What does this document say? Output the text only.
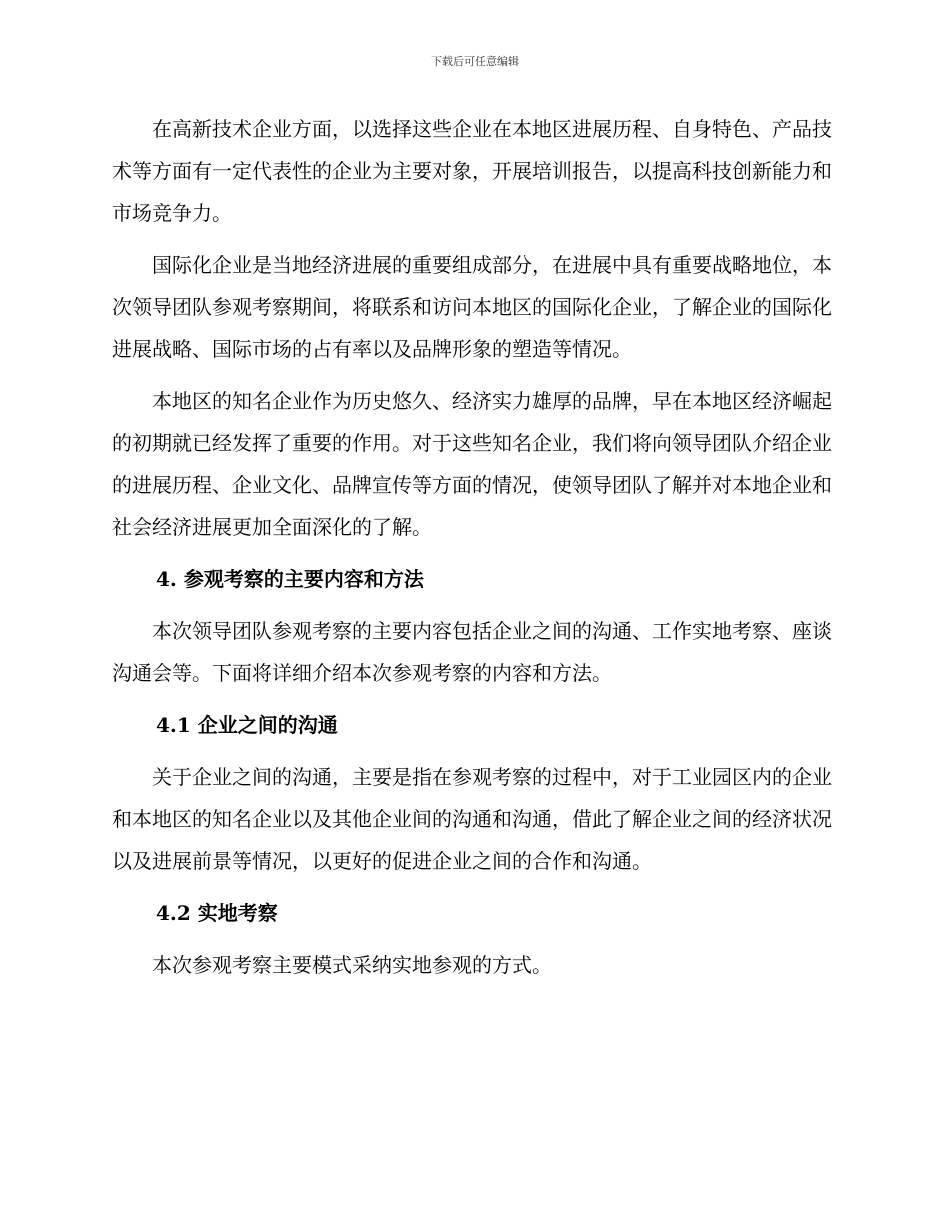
下载后可任意编辑

在高新技术企业方面，以选择这些企业在本地区进展历程、自身特色、产品技术等方面有一定代表性的企业为主要对象，开展培训报告，以提高科技创新能力和市场竞争力。

国际化企业是当地经济进展的重要组成部分，在进展中具有重要战略地位，本次领导团队参观考察期间，将联系和访问本地区的国际化企业，了解企业的国际化进展战略、国际市场的占有率以及品牌形象的塑造等情况。

本地区的知名企业作为历史悠久、经济实力雄厚的品牌，早在本地区经济崛起的初期就已经发挥了重要的作用。对于这些知名企业，我们将向领导团队介绍企业的进展历程、企业文化、品牌宣传等方面的情况，使领导团队了解并对本地企业和社会经济进展更加全面深化的了解。

4. 参观考察的主要内容和方法

本次领导团队参观考察的主要内容包括企业之间的沟通、工作实地考察、座谈沟通会等。下面将详细介绍本次参观考察的内容和方法。

4.1 企业之间的沟通

关于企业之间的沟通，主要是指在参观考察的过程中，对于工业园区内的企业和本地区的知名企业以及其他企业间的沟通和沟通，借此了解企业之间的经济状况以及进展前景等情况，以更好的促进企业之间的合作和沟通。

4.2 实地考察

本次参观考察主要模式采纳实地参观的方式。
